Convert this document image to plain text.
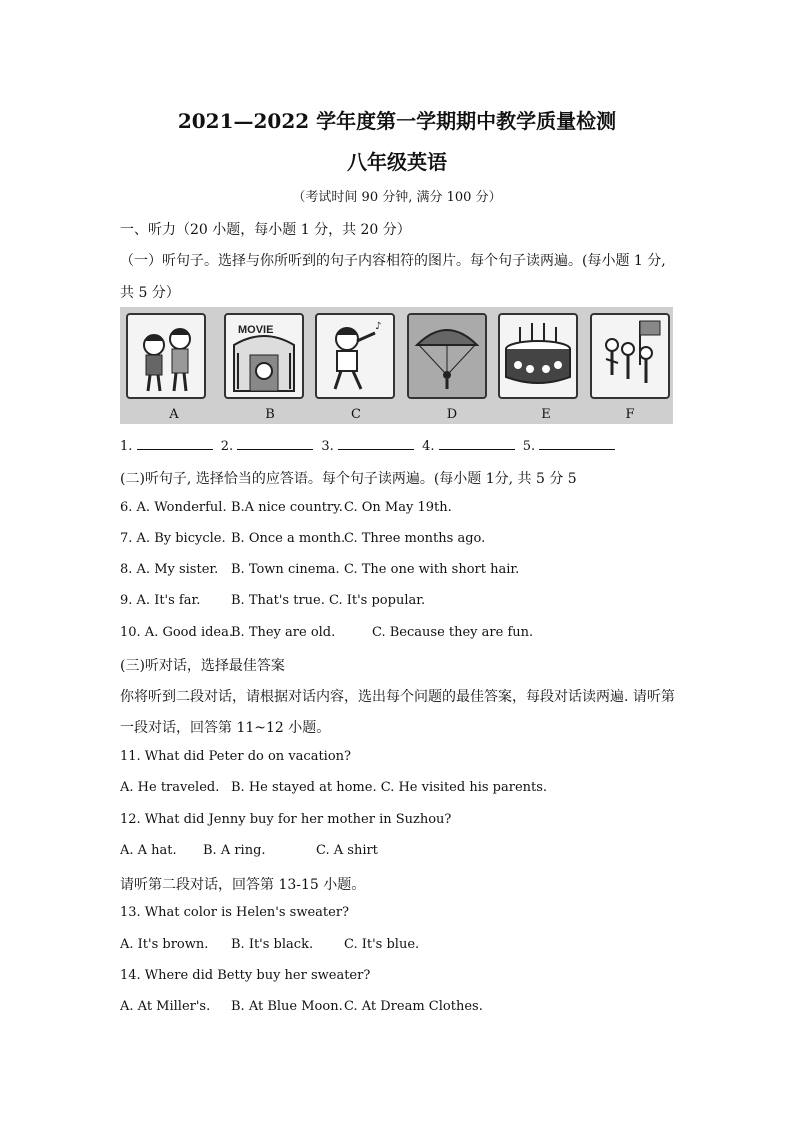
2021—2022 学年度第一学期期中教学质量检测
八年级英语
（考试时间 90 分钟, 满分 100 分）
一、听力（20 小题，每小题 1 分，共 20 分）
（一）听句子。选择与你所听到的句子内容相符的图片。每个句子读两遍。(每小题 1 分,
共 5 分）
MOVIE	♪
A	B	C	D	E	F
1.	2.	3.	4.	5.
(二)听句子, 选择恰当的应答语。每个句子读两遍。(每小题 1分, 共 5 分 5
6. A. Wonderful. B.A nice country.C. On May 19th.
7. A. By bicycle. B. Once a month.C. Three months ago.
8. A. My sister. B. Town cinema. C. The one with short hair.
9. A. It's far. B. That's true. C. It's popular.
10. A. Good idea.B. They are old.	C. Because they are fun.
(三)听对话，选择最佳答案
你将听到二段对话，请根据对话内容，选出每个问题的最佳答案，每段对话读两遍. 请听第
一段对话，回答第 11~12 小题。
11. What did Peter do on vacation?
A. He traveled. B. He stayed at home. C. He visited his parents.
12. What did Jenny buy for her mother in Suzhou?
A. A hat. B. A ring.	C. A shirt
请听第二段对话，回答第 13-15 小题。
13. What color is Helen's sweater?
A. It's brown. B. It's black. C. It's blue.
14. Where did Betty buy her sweater?
A. At Miller's. B. At Blue Moon.C. At Dream Clothes.
